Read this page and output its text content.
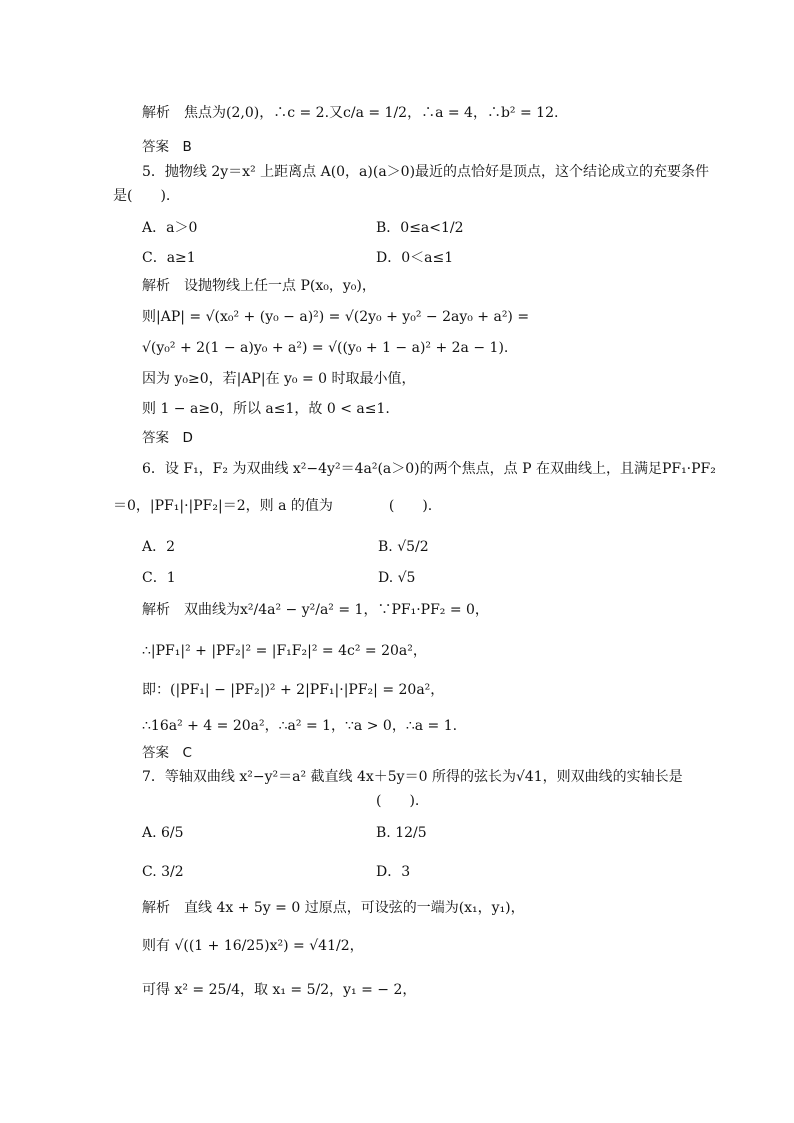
解析　焦点为(2,0)，∴c = 2.又c/a = 1/2，∴a = 4，∴b² = 12.
答案　B
5．抛物线 2y＝x² 上距离点 A(0，a)(a＞0)最近的点恰好是顶点，这个结论成立的充要条件
是(　　).
A．a＞0	B．0≤a<1/2
C．a≥1	D．0＜a≤1
解析　设抛物线上任一点 P(x₀，y₀)，
则|AP| = √(x₀² + (y₀ − a)²) = √(2y₀ + y₀² − 2ay₀ + a²) =
√(y₀² + 2(1 − a)y₀ + a²) = √((y₀ + 1 − a)² + 2a − 1).
因为 y₀≥0，若|AP|在 y₀ = 0 时取最小值，
则 1 − a≥0，所以 a≤1，故 0 < a≤1.
答案　D
6．设 F₁，F₂ 为双曲线 x²−4y²＝4a²(a＞0)的两个焦点，点 P 在双曲线上，且满足PF₁·PF₂
＝0，|PF₁|·|PF₂|＝2，则 a 的值为　　　　(　　).
A．2	B. √5/2
C．1	D. √5
解析　双曲线为x²/4a² − y²/a² = 1，∵PF₁·PF₂ = 0，
∴|PF₁|² + |PF₂|² = |F₁F₂|² = 4c² = 20a²，
即：(|PF₁| − |PF₂|)² + 2|PF₁|·|PF₂| = 20a²，
∴16a² + 4 = 20a²，∴a² = 1，∵a > 0，∴a = 1.
答案　C
7．等轴双曲线 x²−y²＝a² 截直线 4x＋5y＝0 所得的弦长为√41，则双曲线的实轴长是
(　　).
A. 6/5	B. 12/5
C. 3/2	D．3
解析　直线 4x + 5y = 0 过原点，可设弦的一端为(x₁，y₁)，
则有 √((1 + 16/25)x²) = √41/2，
可得 x² = 25/4，取 x₁ = 5/2，y₁ = − 2，
